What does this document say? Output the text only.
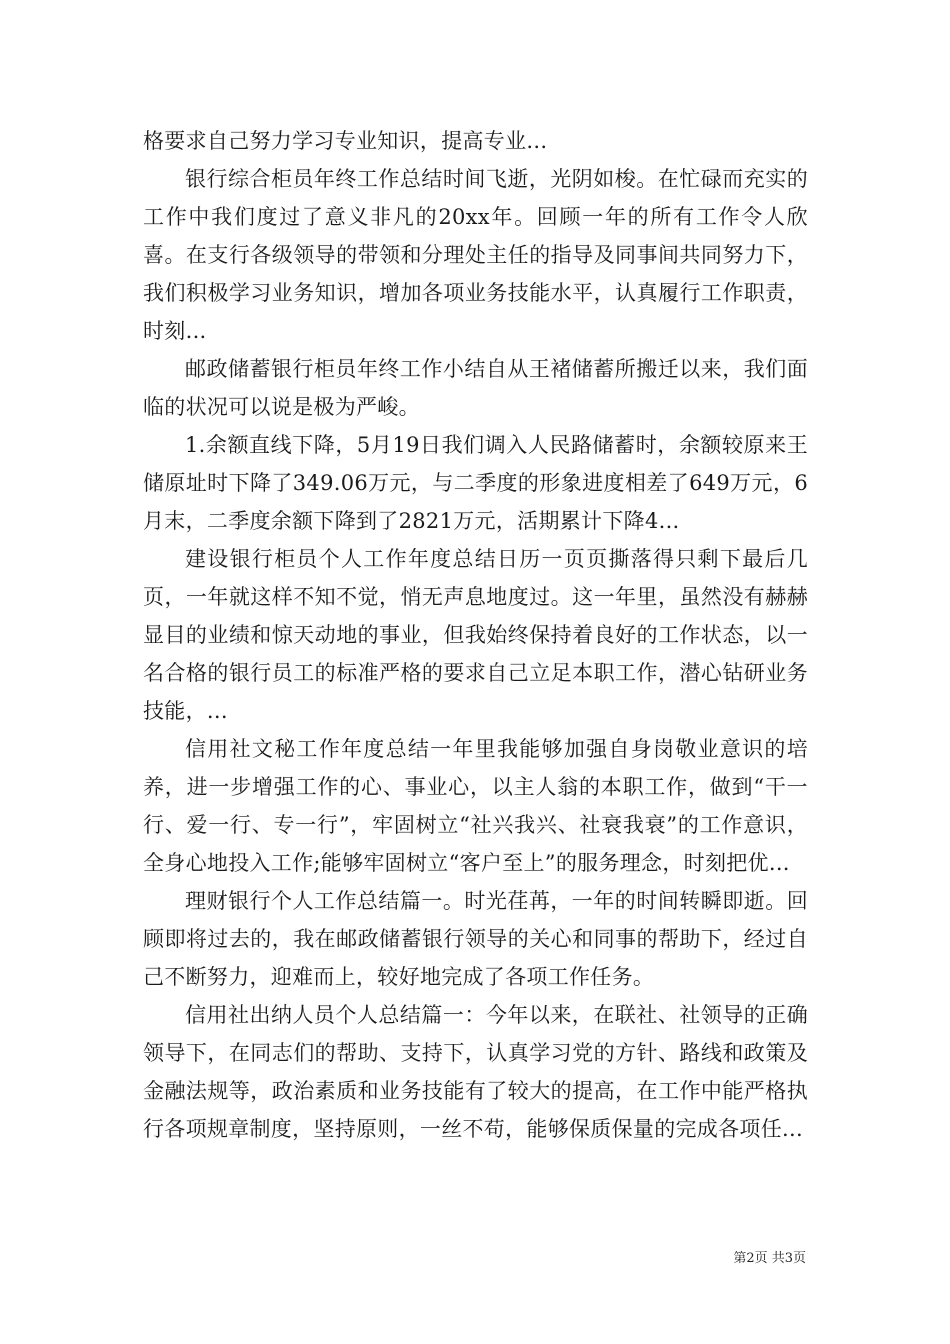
格要求自己努力学习专业知识，提高专业...

银行综合柜员年终工作总结时间飞逝，光阴如梭。在忙碌而充实的工作中我们度过了意义非凡的20xx年。回顾一年的所有工作令人欣喜。在支行各级领导的带领和分理处主任的指导及同事间共同努力下，我们积极学习业务知识，增加各项业务技能水平，认真履行工作职责，时刻...

邮政储蓄银行柜员年终工作小结自从王褚储蓄所搬迁以来，我们面临的状况可以说是极为严峻。

1.余额直线下降，5月19日我们调入人民路储蓄时，余额较原来王储原址时下降了349.06万元，与二季度的形象进度相差了649万元，6月末，二季度余额下降到了2821万元，活期累计下降4...

建设银行柜员个人工作年度总结日历一页页撕落得只剩下最后几页，一年就这样不知不觉，悄无声息地度过。这一年里，虽然没有赫赫显目的业绩和惊天动地的事业，但我始终保持着良好的工作状态，以一名合格的银行员工的标准严格的要求自己立足本职工作，潜心钻研业务技能，...

信用社文秘工作年度总结一年里我能够加强自身岗敬业意识的培养，进一步增强工作的心、事业心，以主人翁的本职工作，做到“干一行、爱一行、专一行”，牢固树立“社兴我兴、社衰我衰”的工作意识，全身心地投入工作;能够牢固树立“客户至上”的服务理念，时刻把优...

理财银行个人工作总结篇一。时光荏苒，一年的时间转瞬即逝。回顾即将过去的，我在邮政储蓄银行领导的关心和同事的帮助下，经过自己不断努力，迎难而上，较好地完成了各项工作任务。

信用社出纳人员个人总结篇一：今年以来，在联社、社领导的正确领导下，在同志们的帮助、支持下，认真学习党的方针、路线和政策及金融法规等，政治素质和业务技能有了较大的提高，在工作中能严格执行各项规章制度，坚持原则，一丝不苟，能够保质保量的完成各项任...

第2页 共3页
